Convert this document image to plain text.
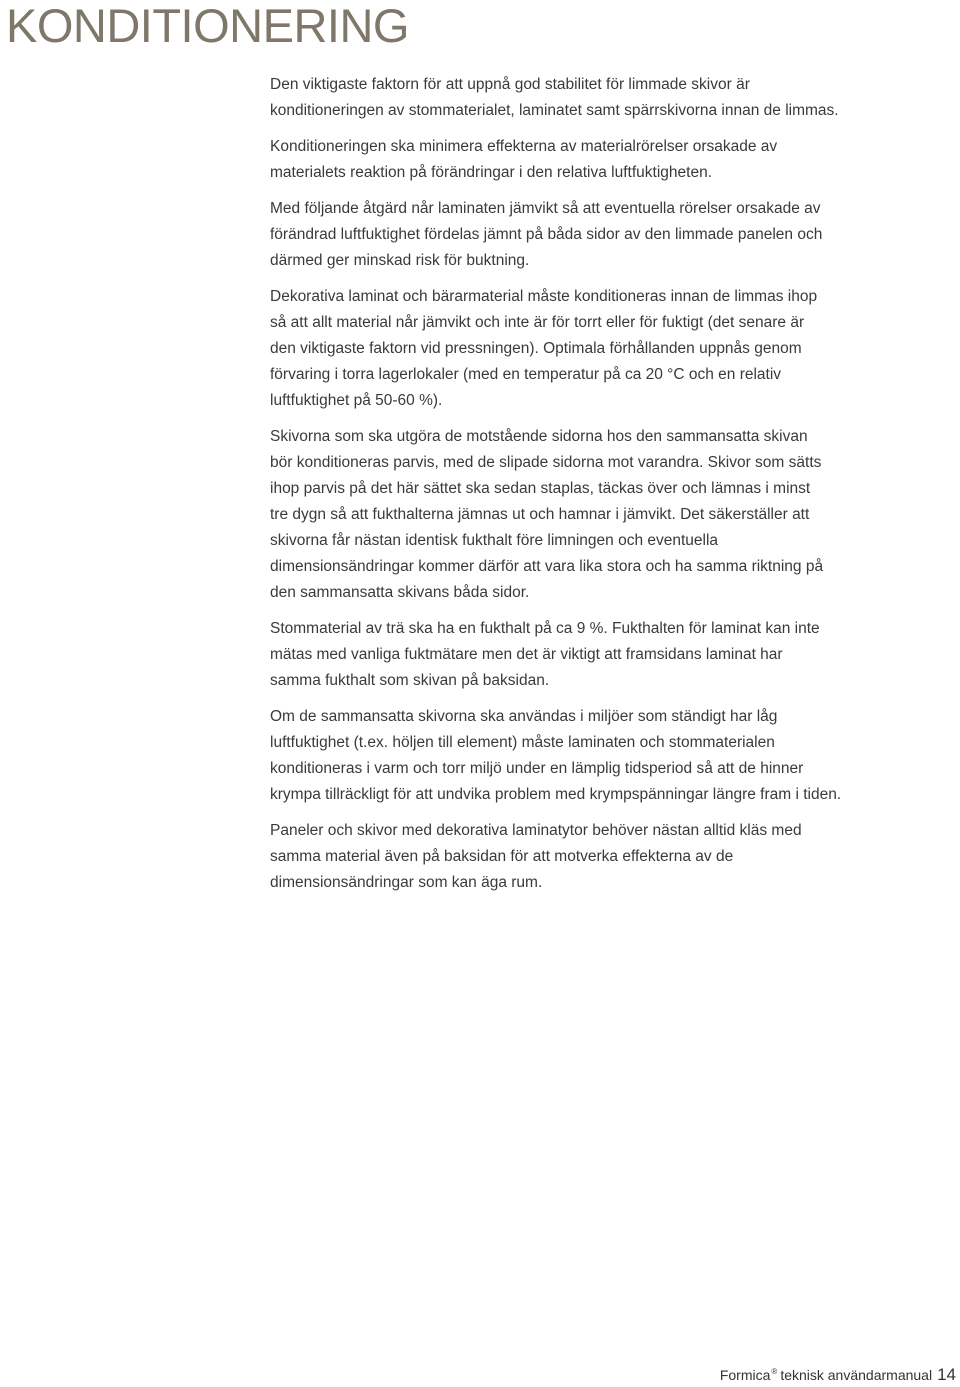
KONDITIONERING

Den viktigaste faktorn för att uppnå god stabilitet för limmade skivor är
konditioneringen av stommaterialet, laminatet samt spärrskivorna innan de limmas.

Konditioneringen ska minimera effekterna av materialrörelser orsakade av
materialets reaktion på förändringar i den relativa luftfuktigheten.

Med följande åtgärd når laminaten jämvikt så att eventuella rörelser orsakade av
förändrad luftfuktighet fördelas jämnt på båda sidor av den limmade panelen och
därmed ger minskad risk för buktning.

Dekorativa laminat och bärarmaterial måste konditioneras innan de limmas ihop
så att allt material når jämvikt och inte är för torrt eller för fuktigt (det senare är
den viktigaste faktorn vid pressningen). Optimala förhållanden uppnås genom
förvaring i torra lagerlokaler (med en temperatur på ca 20 °C och en relativ
luftfuktighet på 50-60 %).

Skivorna som ska utgöra de motstående sidorna hos den sammansatta skivan
bör konditioneras parvis, med de slipade sidorna mot varandra. Skivor som sätts
ihop parvis på det här sättet ska sedan staplas, täckas över och lämnas i minst
tre dygn så att fukthalterna jämnas ut och hamnar i jämvikt. Det säkerställer att
skivorna får nästan identisk fukthalt före limningen och eventuella
dimensionsändringar kommer därför att vara lika stora och ha samma riktning på
den sammansatta skivans båda sidor.

Stommaterial av trä ska ha en fukthalt på ca 9 %. Fukthalten för laminat kan inte
mätas med vanliga fuktmätare men det är viktigt att framsidans laminat har
samma fukthalt som skivan på baksidan.

Om de sammansatta skivorna ska användas i miljöer som ständigt har låg
luftfuktighet (t.ex. höljen till element) måste laminaten och stommaterialen
konditioneras i varm och torr miljö under en lämplig tidsperiod så att de hinner
krympa tillräckligt för att undvika problem med krympspänningar längre fram i tiden.

Paneler och skivor med dekorativa laminatytor behöver nästan alltid kläs med
samma material även på baksidan för att motverka effekterna av de
dimensionsändringar som kan äga rum.

Formica® teknisk användarmanual 14
